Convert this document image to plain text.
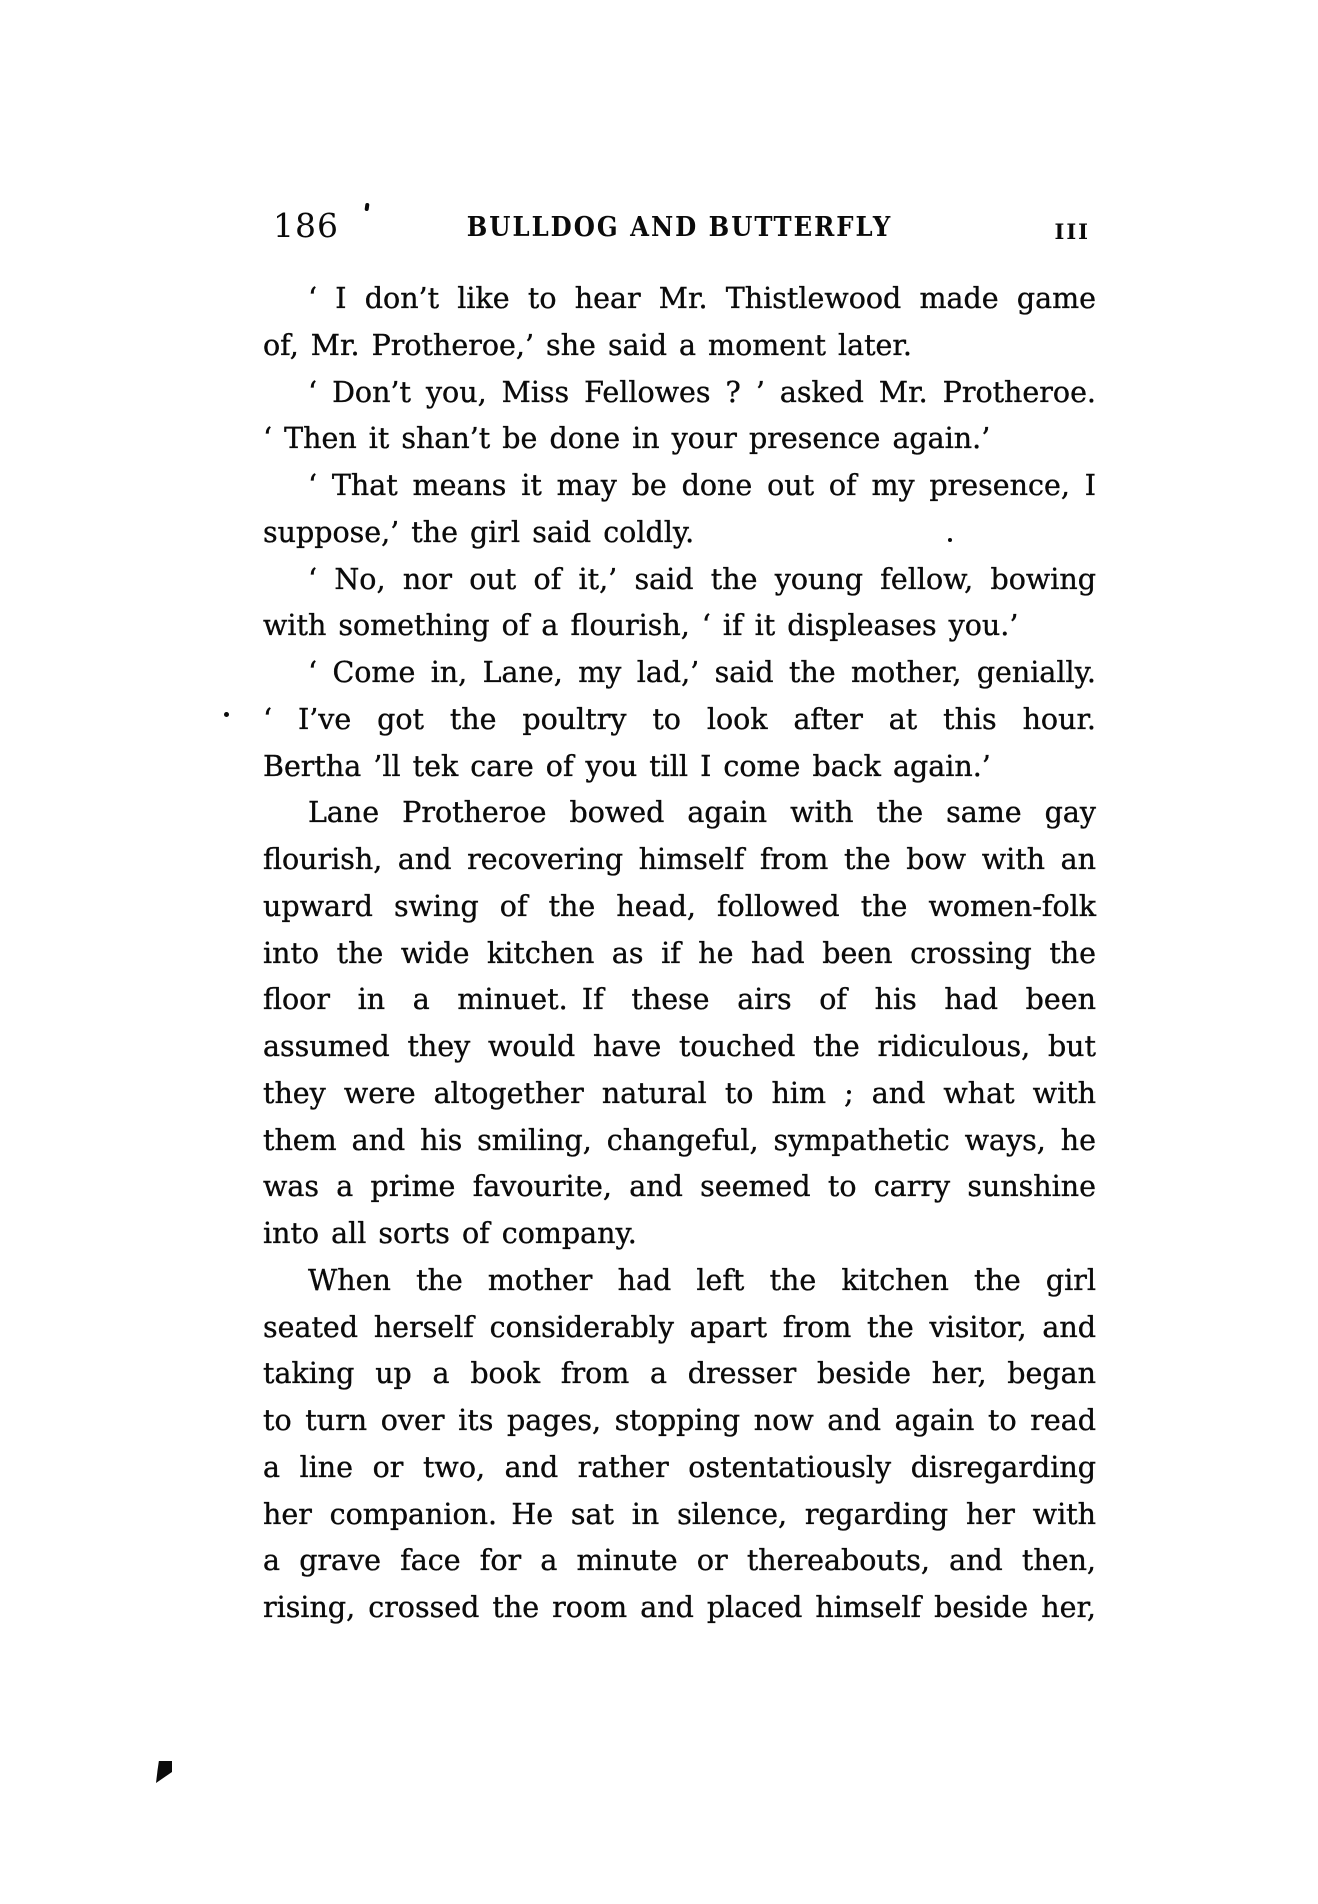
186	BULLDOG AND BUTTERFLY	III
‘ I don’t like to hear Mr. Thistlewood made game
of, Mr. Protheroe,’ she said a moment later.
‘ Don’t you, Miss Fellowes ? ’ asked Mr. Protheroe.
‘ Then it shan’t be done in your presence again.’
‘ That means it may be done out of my presence, I
suppose,’ the girl said coldly.
‘ No, nor out of it,’ said the young fellow, bowing
with something of a flourish, ‘ if it displeases you.’
‘ Come in, Lane, my lad,’ said the mother, genially.
‘ I’ve got the poultry to look after at this hour.
Bertha ’ll tek care of you till I come back again.’
Lane Protheroe bowed again with the same gay
flourish, and recovering himself from the bow with an
upward swing of the head, followed the women-folk
into the wide kitchen as if he had been crossing the
floor in a minuet. If these airs of his had been
assumed they would have touched the ridiculous, but
they were altogether natural to him ; and what with
them and his smiling, changeful, sympathetic ways, he
was a prime favourite, and seemed to carry sunshine
into all sorts of company.
When the mother had left the kitchen the girl
seated herself considerably apart from the visitor, and
taking up a book from a dresser beside her, began
to turn over its pages, stopping now and again to read
a line or two, and rather ostentatiously disregarding
her companion. He sat in silence, regarding her with
a grave face for a minute or thereabouts, and then,
rising, crossed the room and placed himself beside her,
